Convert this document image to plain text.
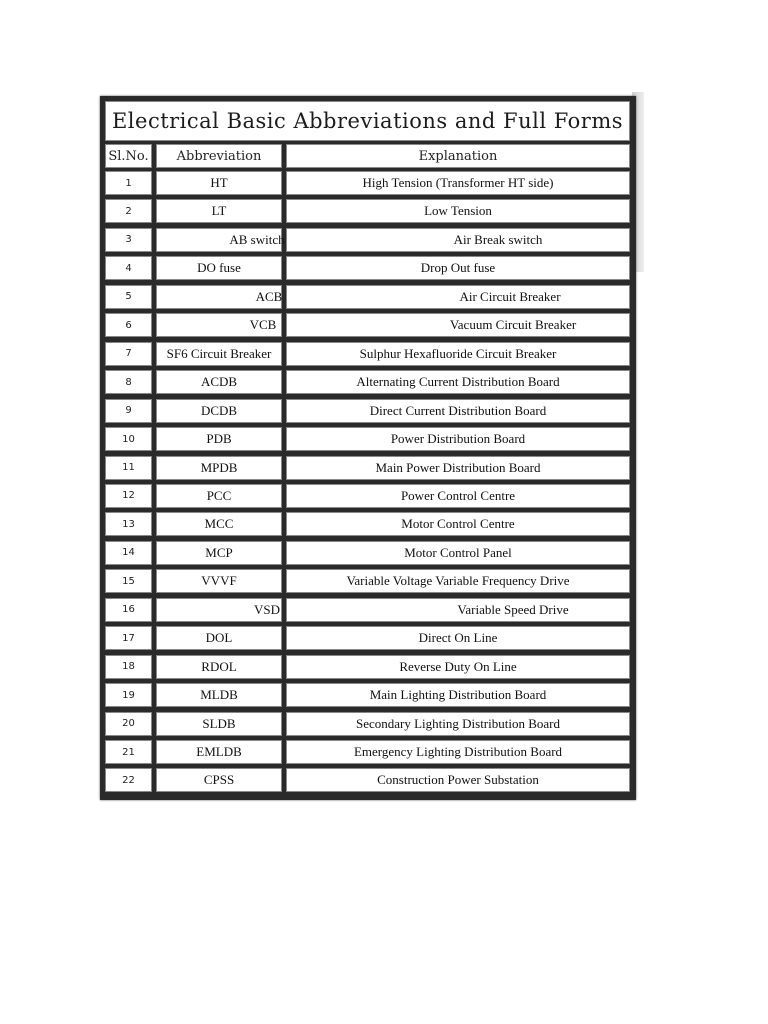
Electrical Basic Abbreviations and Full Forms
Sl.No.	Abbreviation	Explanation
1	HT	High Tension (Transformer HT side)
2	LT	Low Tension
3	AB switch	Air Break switch
4	DO fuse	Drop Out fuse
5	ACB	Air Circuit Breaker
6	VCB	Vacuum Circuit Breaker
7	SF6 Circuit Breaker	Sulphur Hexafluoride Circuit Breaker
8	ACDB	Alternating Current Distribution Board
9	DCDB	Direct Current Distribution Board
10	PDB	Power Distribution Board
11	MPDB	Main Power Distribution Board
12	PCC	Power Control Centre
13	MCC	Motor Control Centre
14	MCP	Motor Control Panel
15	VVVF	Variable Voltage Variable Frequency Drive
16	VSD	Variable Speed Drive
17	DOL	Direct On Line
18	RDOL	Reverse Duty On Line
19	MLDB	Main Lighting Distribution Board
20	SLDB	Secondary Lighting Distribution Board
21	EMLDB	Emergency Lighting Distribution Board
22	CPSS	Construction Power Substation
